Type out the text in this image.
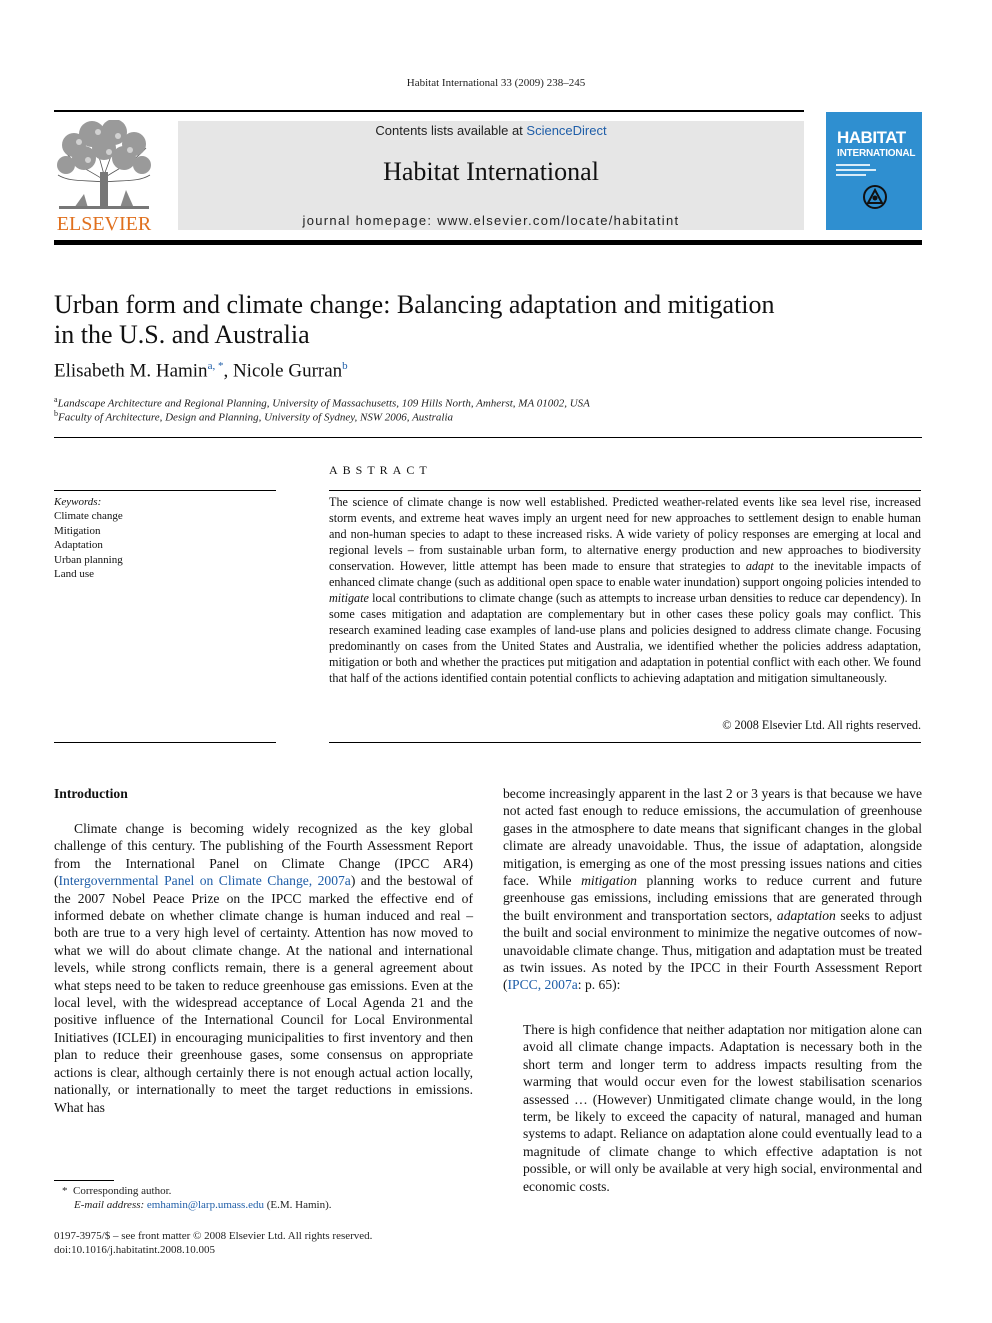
Habitat International 33 (2009) 238–245
ELSEVIER
Contents lists available at ScienceDirect
Habitat International
journal homepage: www.elsevier.com/locate/habitatint
HABITAT
INTERNATIONAL
Urban form and climate change: Balancing adaptation and mitigation
in the U.S. and Australia
Elisabeth M. Hamin$^{a, *}$, Nicole Gurran$^b$
$^a$Landscape Architecture and Regional Planning, University of Massachusetts, 109 Hills North, Amherst, MA 01002, USA
$^b$Faculty of Architecture, Design and Planning, University of Sydney, NSW 2006, Australia
ABSTRACT
Keywords:
Climate change
Mitigation
Adaptation
Urban planning
Land use
The science of climate change is now well established. Predicted weather-related events like sea level rise, increased storm events, and extreme heat waves imply an urgent need for new approaches to settlement design to enable human and non-human species to adapt to these increased risks. A wide variety of policy responses are emerging at local and regional levels – from sustainable urban form, to alternative energy production and new approaches to biodiversity conservation. However, little attempt has been made to ensure that strategies to adapt to the inevitable impacts of enhanced climate change (such as additional open space to enable water inundation) support ongoing policies intended to mitigate local contributions to climate change (such as attempts to increase urban densities to reduce car dependency). In some cases mitigation and adaptation are complementary but in other cases these policy goals may conflict. This research examined leading case examples of land-use plans and policies designed to address climate change. Focusing predominantly on cases from the United States and Australia, we identified whether the policies address adaptation, mitigation or both and whether the practices put mitigation and adaptation in potential conflict with each other. We found that half of the actions identified contain potential conflicts to achieving adaptation and mitigation simultaneously.
© 2008 Elsevier Ltd. All rights reserved.
Introduction
Climate change is becoming widely recognized as the key global challenge of this century. The publishing of the Fourth Assessment Report from the International Panel on Climate Change (IPCC AR4) (Intergovernmental Panel on Climate Change, 2007a) and the bestowal of the 2007 Nobel Peace Prize on the IPCC marked the effective end of informed debate on whether climate change is human induced and real – both are true to a very high level of certainty. Attention has now moved to what we will do about climate change. At the national and international levels, while strong conflicts remain, there is a general agreement about what steps need to be taken to reduce greenhouse gas emissions. Even at the local level, with the widespread acceptance of Local Agenda 21 and the positive influence of the International Council for Local Environmental Initiatives (ICLEI) in encouraging municipalities to first inventory and then plan to reduce their greenhouse gases, some consensus on appropriate actions is clear, although certainly there is not enough actual action locally, nationally, or internationally to meet the target reductions in emissions. What has
become increasingly apparent in the last 2 or 3 years is that because we have not acted fast enough to reduce emissions, the accumulation of greenhouse gases in the atmosphere to date means that significant changes in the global climate are already unavoidable. Thus, the issue of adaptation, alongside mitigation, is emerging as one of the most pressing issues nations and cities face. While mitigation planning works to reduce current and future greenhouse gas emissions, including emissions that are generated through the built environment and transportation sectors, adaptation seeks to adjust the built and social environment to minimize the negative outcomes of now-unavoidable climate change. Thus, mitigation and adaptation must be treated as twin issues. As noted by the IPCC in their Fourth Assessment Report (IPCC, 2007a: p. 65):
There is high confidence that neither adaptation nor mitigation alone can avoid all climate change impacts. Adaptation is necessary both in the short term and longer term to address impacts resulting from the warming that would occur even for the lowest stabilisation scenarios assessed … (However) Unmitigated climate change would, in the long term, be likely to exceed the capacity of natural, managed and human systems to adapt. Reliance on adaptation alone could eventually lead to a magnitude of climate change to which effective adaptation is not possible, or will only be available at very high social, environmental and economic costs.
* Corresponding author.
E-mail address: emhamin@larp.umass.edu (E.M. Hamin).
0197-3975/$ – see front matter © 2008 Elsevier Ltd. All rights reserved.
doi:10.1016/j.habitatint.2008.10.005
